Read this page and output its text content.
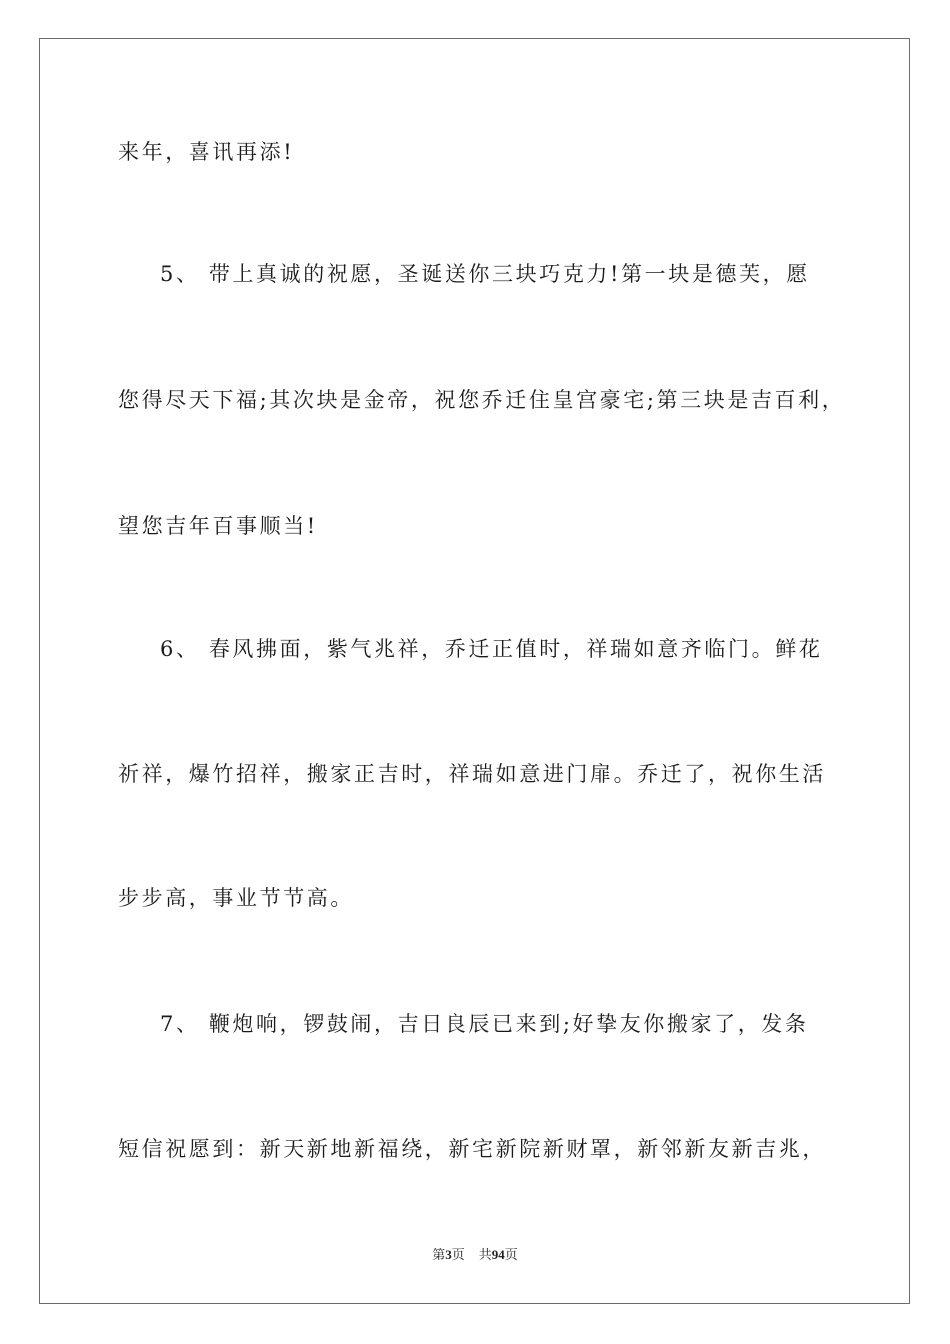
来年，喜讯再添!
5、 带上真诚的祝愿，圣诞送你三块巧克力!第一块是德芙，愿
您得尽天下福;其次块是金帝，祝您乔迁住皇宫豪宅;第三块是吉百利，
望您吉年百事顺当!
6、 春风拂面，紫气兆祥，乔迁正值时，祥瑞如意齐临门。鲜花
祈祥，爆竹招祥，搬家正吉时，祥瑞如意进门扉。乔迁了，祝你生活
步步高，事业节节高。
7、 鞭炮响，锣鼓闹，吉日良辰已来到;好挚友你搬家了，发条
短信祝愿到：新天新地新福绕，新宅新院新财罩，新邻新友新吉兆，
第3页 共94页
